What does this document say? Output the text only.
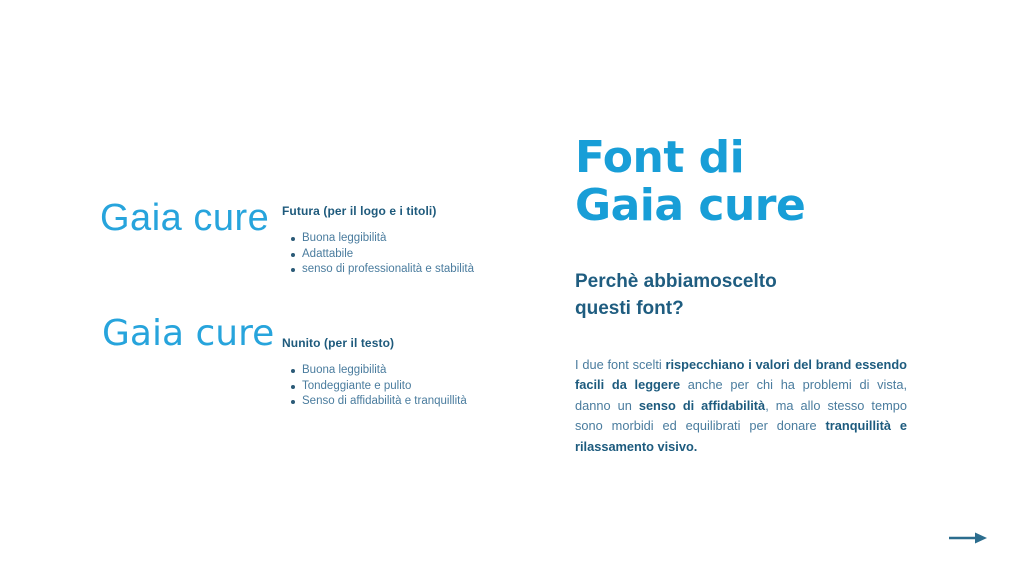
Gaia cure
Gaia cure
Futura (per il logo e i titoli)
Buona leggibilità
Adattabile
senso di professionalità e stabilità
Nunito (per il testo)
Buona leggibilità
Tondeggiante e pulito
Senso di affidabilità e tranquillità
Font di
Gaia cure
Perchè abbiamoscelto
questi font?

I due font scelti rispecchiano i valori del brand essendo facili da leggere anche per chi ha problemi di vista, danno un senso di affidabilità, ma allo stesso tempo sono morbidi ed equilibrati per donare tranquillità e rilassamento visivo.
